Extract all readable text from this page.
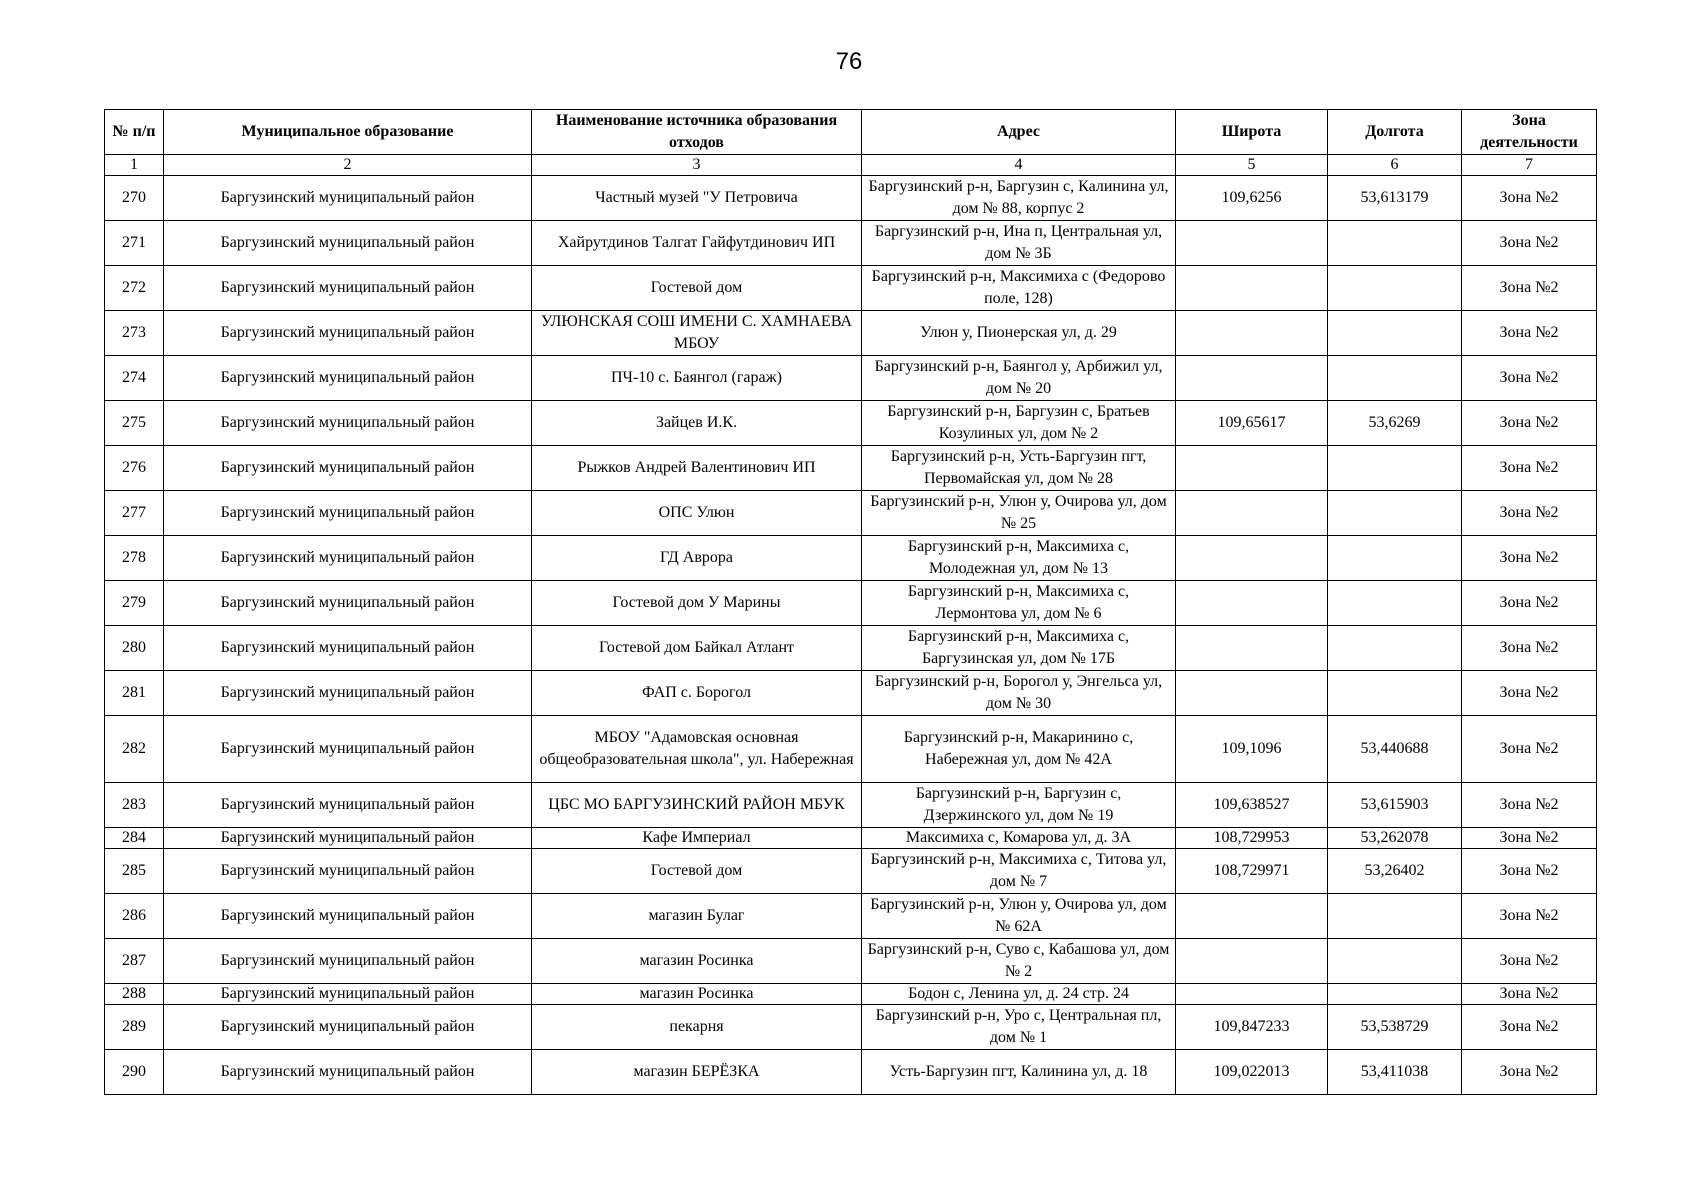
76
№ п/п	Муниципальное образование	Наименование источника образования отходов	Адрес	Широта	Долгота	Зона деятельности
1	2	3	4	5	6	7
270	Баргузинский муниципальный район	Частный музей "У Петровича	Баргузинский р-н, Баргузин с, Калинина ул, дом № 88, корпус 2	109,6256	53,613179	Зона №2
271	Баргузинский муниципальный район	Хайрутдинов Талгат Гайфутдинович ИП	Баргузинский р-н, Ина п, Центральная ул, дом № 3Б			Зона №2
272	Баргузинский муниципальный район	Гостевой дом	Баргузинский р-н, Максимиха с (Федорово поле, 128)			Зона №2
273	Баргузинский муниципальный район	УЛЮНСКАЯ СОШ ИМЕНИ С. ХАМНАЕВА МБОУ	Улюн у, Пионерская ул, д. 29			Зона №2
274	Баргузинский муниципальный район	ПЧ-10 с. Баянгол (гараж)	Баргузинский р-н, Баянгол у, Арбижил ул, дом № 20			Зона №2
275	Баргузинский муниципальный район	Зайцев И.К.	Баргузинский р-н, Баргузин с, Братьев Козулиных ул, дом № 2	109,65617	53,6269	Зона №2
276	Баргузинский муниципальный район	Рыжков Андрей Валентинович ИП	Баргузинский р-н, Усть-Баргузин пгт, Первомайская ул, дом № 28			Зона №2
277	Баргузинский муниципальный район	ОПС Улюн	Баргузинский р-н, Улюн у, Очирова ул, дом № 25			Зона №2
278	Баргузинский муниципальный район	ГД Аврора	Баргузинский р-н, Максимиха с, Молодежная ул, дом № 13			Зона №2
279	Баргузинский муниципальный район	Гостевой дом У Марины	Баргузинский р-н, Максимиха с, Лермонтова ул, дом № 6			Зона №2
280	Баргузинский муниципальный район	Гостевой дом Байкал Атлант	Баргузинский р-н, Максимиха с, Баргузинская ул, дом № 17Б			Зона №2
281	Баргузинский муниципальный район	ФАП с. Борогол	Баргузинский р-н, Борогол у, Энгельса ул, дом № 30			Зона №2
282	Баргузинский муниципальный район	МБОУ "Адамовская основная общеобразовательная школа", ул. Набережная	Баргузинский р-н, Макаринино с, Набережная ул, дом № 42А	109,1096	53,440688	Зона №2
283	Баргузинский муниципальный район	ЦБС МО БАРГУЗИНСКИЙ РАЙОН МБУК	Баргузинский р-н, Баргузин с, Дзержинского ул, дом № 19	109,638527	53,615903	Зона №2
284	Баргузинский муниципальный район	Кафе Империал	Максимиха с, Комарова ул, д. 3А	108,729953	53,262078	Зона №2
285	Баргузинский муниципальный район	Гостевой дом	Баргузинский р-н, Максимиха с, Титова ул, дом № 7	108,729971	53,26402	Зона №2
286	Баргузинский муниципальный район	магазин Булаг	Баргузинский р-н, Улюн у, Очирова ул, дом № 62А			Зона №2
287	Баргузинский муниципальный район	магазин Росинка	Баргузинский р-н, Суво с, Кабашова ул, дом № 2			Зона №2
288	Баргузинский муниципальный район	магазин Росинка	Бодон с, Ленина ул, д. 24 стр. 24			Зона №2
289	Баргузинский муниципальный район	пекарня	Баргузинский р-н, Уро с, Центральная пл, дом № 1	109,847233	53,538729	Зона №2
290	Баргузинский муниципальный район	магазин БЕРЁЗКА	Усть-Баргузин пгт, Калинина ул, д. 18	109,022013	53,411038	Зона №2
